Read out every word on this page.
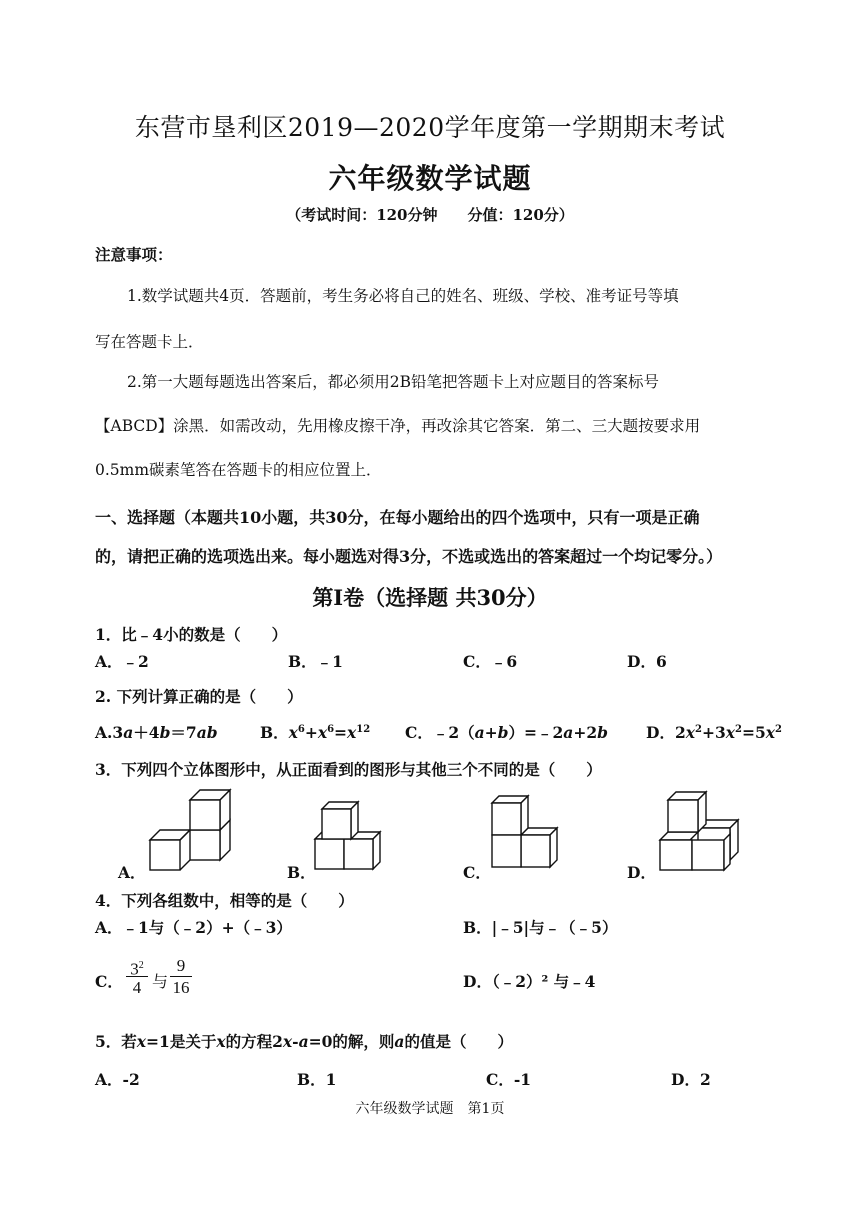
东营市垦利区2019—2020学年度第一学期期末考试
六年级数学试题
（考试时间：120分钟　　分值：120分）
注意事项：
1.数学试题共4页．答题前，考生务必将自己的姓名、班级、学校、准考证号等填
写在答题卡上．
2.第一大题每题选出答案后，都必须用2B铅笔把答题卡上对应题目的答案标号
【ABCD】涂黑．如需改动，先用橡皮擦干净，再改涂其它答案．第二、三大题按要求用
0.5mm碳素笔答在答题卡的相应位置上．
一、选择题（本题共10小题，共30分，在每小题给出的四个选项中，只有一项是正确
的，请把正确的选项选出来。每小题选对得3分，不选或选出的答案超过一个均记零分。）
第Ⅰ卷（选择题 共30分）
1．比﹣4小的数是（　　）
A．﹣2	B．﹣1	C．﹣6	D．6
2. 下列计算正确的是（　　）
A.3a＋4b＝7ab	B．$x^6+x^6=x^{12}$ C．﹣2（a+b）=﹣2a+2b D．$2x^2+3x^2=5x^2$
3．下列四个立体图形中，从正面看到的图形与其他三个不同的是（　　）
A．	B．	C．	D．
4．下列各组数中，相等的是（　　）
A．﹣1与（﹣2）+（﹣3）	B．|﹣5|与﹣（﹣5）
C． $\frac{3^2}{4}$ 与 $\frac{9}{16}$	D．（﹣2）² 与﹣4
5．若x=1是关于x的方程2x-a=0的解，则a的值是（　　）
A．-2	B．1	C．-1	D．2
六年级数学试题　第1页
